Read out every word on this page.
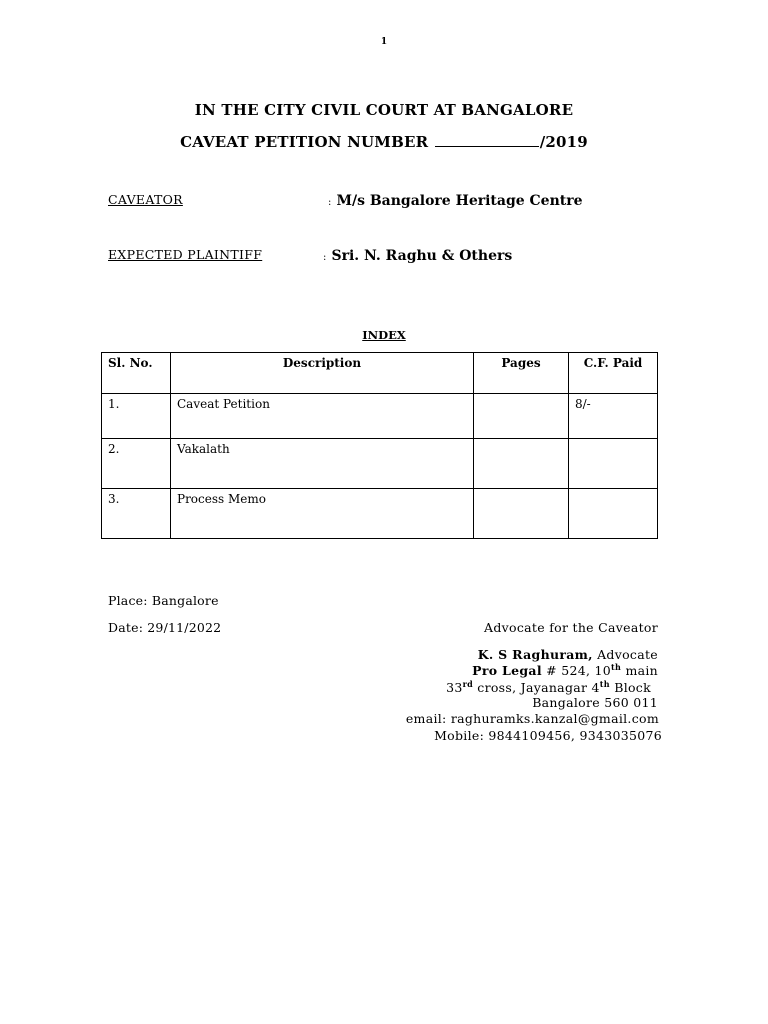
1
IN THE CITY CIVIL COURT AT BANGALORE
CAVEAT PETITION NUMBER	/2019
CAVEATOR	: M/s Bangalore Heritage Centre
EXPECTED PLAINTIFF	: Sri. N. Raghu & Others
INDEX
Sl. No.	Description	Pages	C.F. Paid
1.	Caveat Petition		8/-
2.	Vakalath		
3.	Process Memo		
Place: Bangalore
Date: 29/11/2022	Advocate for the Caveator
K. S Raghuram, Advocate
Pro Legal # 524, 10th main
33rd cross, Jayanagar 4th Block
Bangalore 560 011
email: raghuramks.kanzal@gmail.com
Mobile: 9844109456, 9343035076
